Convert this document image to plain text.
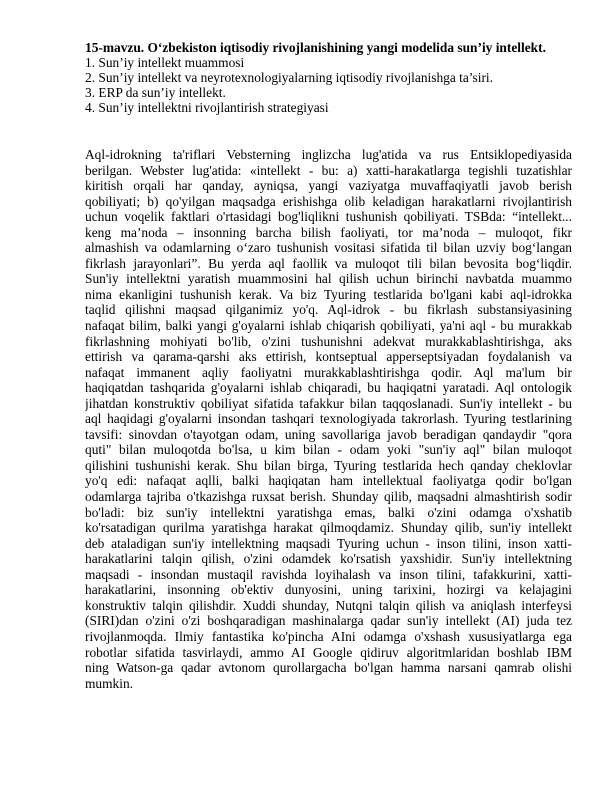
15-mavzu. O‘zbekiston iqtisodiy rivojlanishining yangi modelida sun’iy intellekt.

1. Sun’iy intellekt muammosi
2. Sun’iy intellekt va neyrotexnologiyalarning iqtisodiy rivojlanishga ta’siri.
3. ERP da sun’iy intellekt.
4. Sun’iy intellektni rivojlantirish strategiyasi
Aql-idrokning ta'riflari Vebsterning inglizcha lug'atida va rus Entsiklopediyasida
berilgan. Webster lug'atida: «intellekt - bu: a) xatti-harakatlarga tegishli tuzatishlar
kiritish orqali har qanday, ayniqsa, yangi vaziyatga muvaffaqiyatli javob berish
qobiliyati; b) qo'yilgan maqsadga erishishga olib keladigan harakatlarni rivojlantirish
uchun voqelik faktlari o'rtasidagi bog'liqlikni tushunish qobiliyati. TSBda: “intellekt...
keng ma’noda – insonning barcha bilish faoliyati, tor ma’noda – muloqot, fikr
almashish va odamlarning o‘zaro tushunish vositasi sifatida til bilan uzviy bog‘langan
fikrlash jarayonlari”. Bu yerda aql faollik va muloqot tili bilan bevosita bog‘liqdir.
Sun'iy intellektni yaratish muammosini hal qilish uchun birinchi navbatda muammo
nima ekanligini tushunish kerak. Va biz Tyuring testlarida bo'lgani kabi aql-idrokka
taqlid qilishni maqsad qilganimiz yo'q. Aql-idrok - bu fikrlash substansiyasining
nafaqat bilim, balki yangi g'oyalarni ishlab chiqarish qobiliyati, ya'ni aql - bu murakkab
fikrlashning mohiyati bo'lib, o'zini tushunishni adekvat murakkablashtirishga, aks
ettirish va qarama-qarshi aks ettirish, kontseptual apperseptsiyadan foydalanish va
nafaqat immanent aqliy faoliyatni murakkablashtirishga qodir. Aql ma'lum bir
haqiqatdan tashqarida g'oyalarni ishlab chiqaradi, bu haqiqatni yaratadi. Aql ontologik
jihatdan konstruktiv qobiliyat sifatida tafakkur bilan taqqoslanadi. Sun'iy intellekt - bu
aql haqidagi g'oyalarni insondan tashqari texnologiyada takrorlash. Tyuring testlarining
tavsifi: sinovdan o'tayotgan odam, uning savollariga javob beradigan qandaydir "qora
quti" bilan muloqotda bo'lsa, u kim bilan - odam yoki "sun'iy aql" bilan muloqot
qilishini tushunishi kerak. Shu bilan birga, Tyuring testlarida hech qanday cheklovlar
yo'q edi: nafaqat aqlli, balki haqiqatan ham intellektual faoliyatga qodir bo'lgan
odamlarga tajriba o'tkazishga ruxsat berish. Shunday qilib, maqsadni almashtirish sodir
bo'ladi: biz sun'iy intellektni yaratishga emas, balki o'zini odamga o'xshatib
ko'rsatadigan qurilma yaratishga harakat qilmoqdamiz. Shunday qilib, sun'iy intellekt
deb ataladigan sun'iy intellektning maqsadi Tyuring uchun - inson tilini, inson xatti-
harakatlarini talqin qilish, o'zini odamdek ko'rsatish yaxshidir. Sun'iy intellektning
maqsadi - insondan mustaqil ravishda loyihalash va inson tilini, tafakkurini, xatti-
harakatlarini, insonning ob'ektiv dunyosini, uning tarixini, hozirgi va kelajagini
konstruktiv talqin qilishdir. Xuddi shunday, Nutqni talqin qilish va aniqlash interfeysi
(SIRI)dan o'zini o'zi boshqaradigan mashinalarga qadar sun'iy intellekt (AI) juda tez
rivojlanmoqda. Ilmiy fantastika ko'pincha AIni odamga o'xshash xususiyatlarga ega
robotlar sifatida tasvirlaydi, ammo AI Google qidiruv algoritmlaridan boshlab IBM
ning Watson-ga qadar avtonom qurollargacha bo'lgan hamma narsani qamrab olishi
mumkin.
